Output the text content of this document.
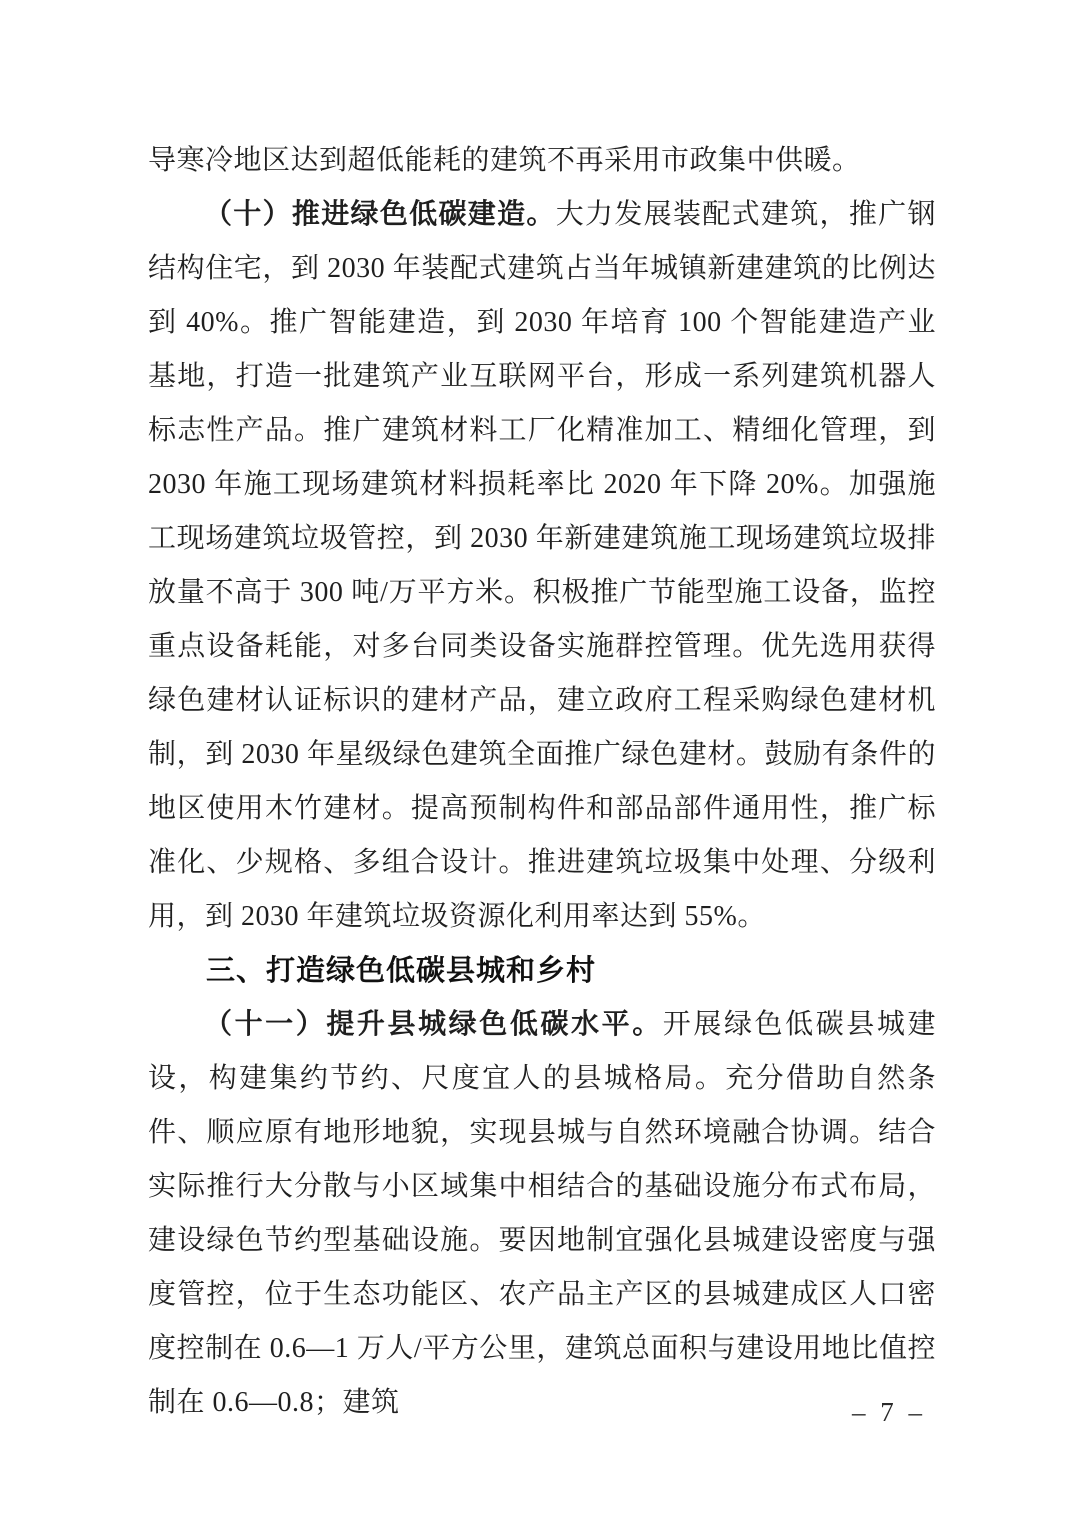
导寒冷地区达到超低能耗的建筑不再采用市政集中供暖。

（十）推进绿色低碳建造。大力发展装配式建筑，推广钢结构住宅，到 2030 年装配式建筑占当年城镇新建建筑的比例达到 40%。推广智能建造，到 2030 年培育 100 个智能建造产业基地，打造一批建筑产业互联网平台，形成一系列建筑机器人标志性产品。推广建筑材料工厂化精准加工、精细化管理，到 2030 年施工现场建筑材料损耗率比 2020 年下降 20%。加强施工现场建筑垃圾管控，到 2030 年新建建筑施工现场建筑垃圾排放量不高于 300 吨/万平方米。积极推广节能型施工设备，监控重点设备耗能，对多台同类设备实施群控管理。优先选用获得绿色建材认证标识的建材产品，建立政府工程采购绿色建材机制，到 2030 年星级绿色建筑全面推广绿色建材。鼓励有条件的地区使用木竹建材。提高预制构件和部品部件通用性，推广标准化、少规格、多组合设计。推进建筑垃圾集中处理、分级利用，到 2030 年建筑垃圾资源化利用率达到 55%。

三、打造绿色低碳县城和乡村

（十一）提升县城绿色低碳水平。开展绿色低碳县城建设，构建集约节约、尺度宜人的县城格局。充分借助自然条件、顺应原有地形地貌，实现县城与自然环境融合协调。结合实际推行大分散与小区域集中相结合的基础设施分布式布局，建设绿色节约型基础设施。要因地制宜强化县城建设密度与强度管控，位于生态功能区、农产品主产区的县城建成区人口密度控制在 0.6—1 万人/平方公里，建筑总面积与建设用地比值控制在 0.6—0.8；建筑	– 7 –
